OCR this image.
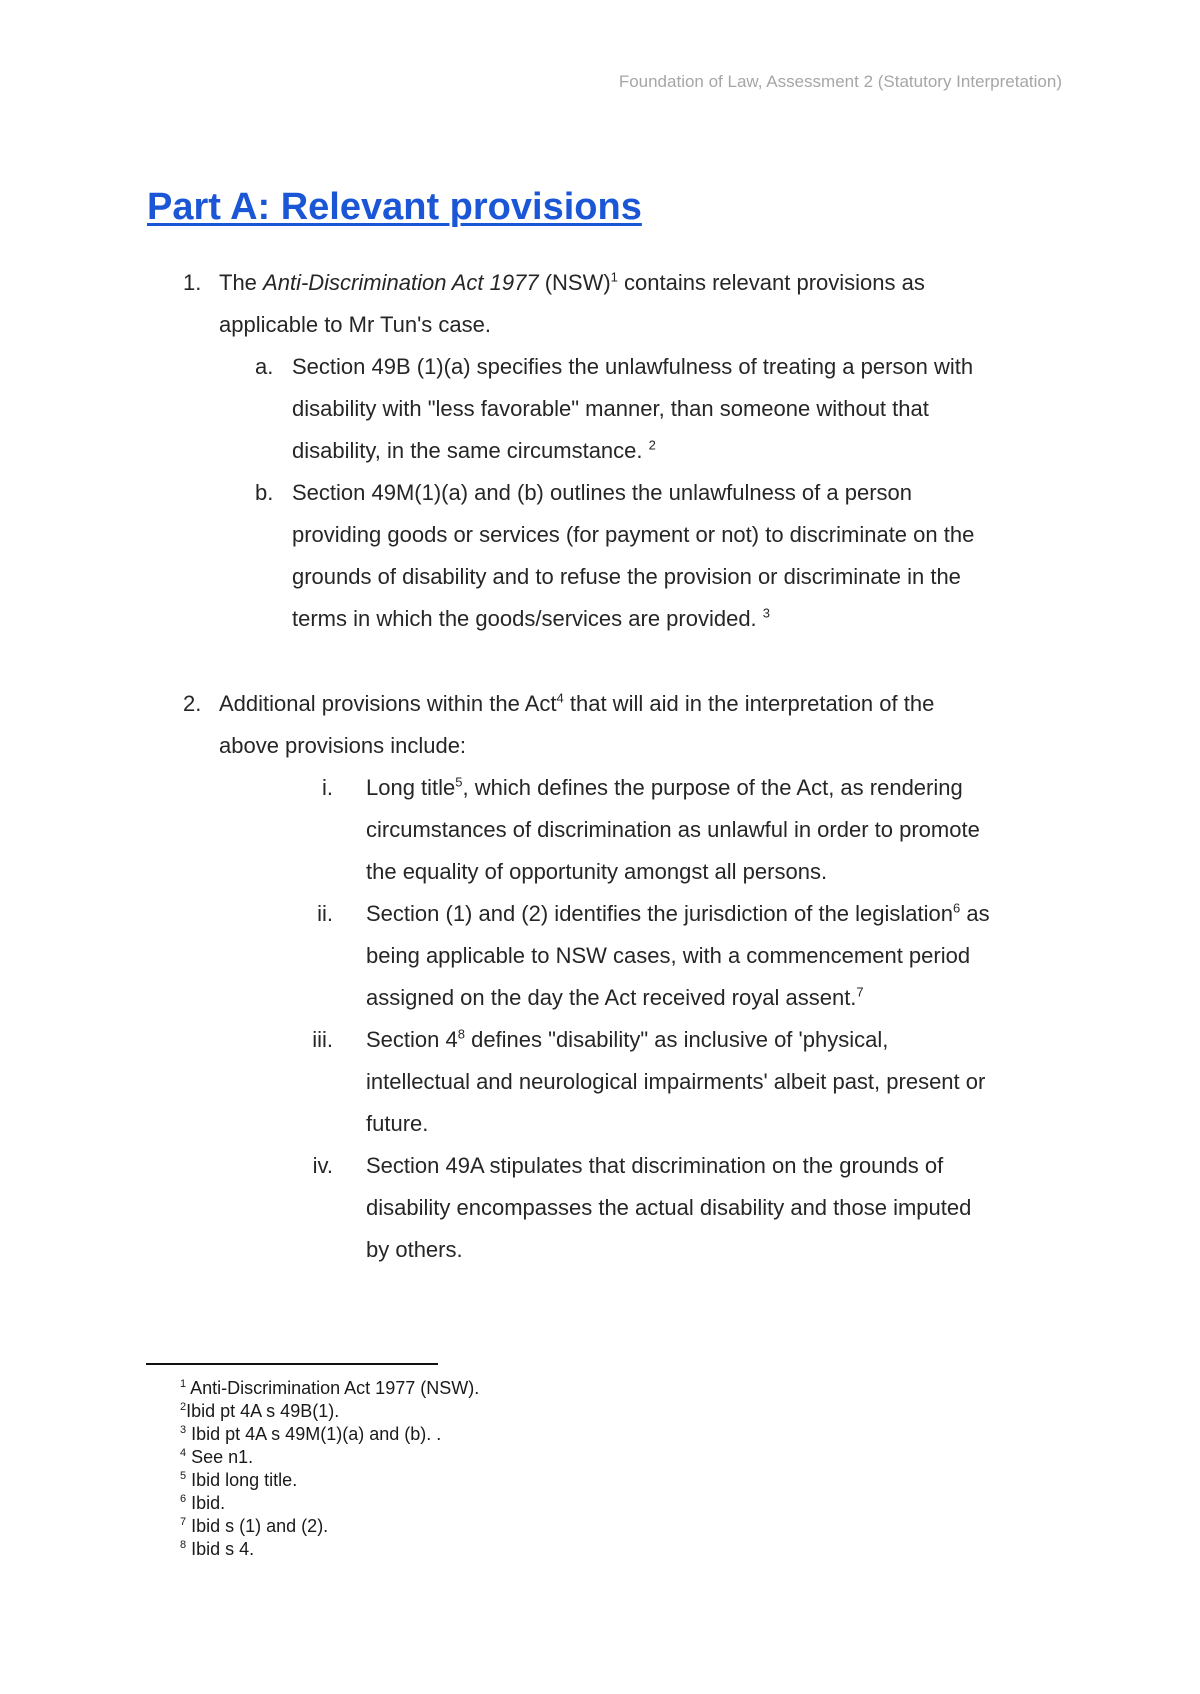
Foundation of Law, Assessment 2 (Statutory Interpretation)
Part A: Relevant provisions
1. The Anti-Discrimination Act 1977 (NSW)$^1$ contains relevant provisions as
applicable to Mr Tun's case.
a. Section 49B (1)(a) specifies the unlawfulness of treating a person with
disability with "less favorable" manner, than someone without that
disability, in the same circumstance. $^2$
b. Section 49M(1)(a) and (b) outlines the unlawfulness of a person
providing goods or services (for payment or not) to discriminate on the
grounds of disability and to refuse the provision or discriminate in the
terms in which the goods/services are provided. $^3$
2. Additional provisions within the Act$^4$ that will aid in the interpretation of the
above provisions include:
i. Long title$^5$, which defines the purpose of the Act, as rendering
circumstances of discrimination as unlawful in order to promote
the equality of opportunity amongst all persons.
ii. Section (1) and (2) identifies the jurisdiction of the legislation$^6$ as
being applicable to NSW cases, with a commencement period
assigned on the day the Act received royal assent.$^7$
iii. Section $4^8$ defines "disability" as inclusive of 'physical,
intellectual and neurological impairments' albeit past, present or
future.
iv. Section 49A stipulates that discrimination on the grounds of
disability encompasses the actual disability and those imputed
by others.
$^1$ Anti-Discrimination Act 1977 (NSW).
$^2$Ibid pt 4A s 49B(1).
$^3$ Ibid pt 4A s 49M(1)(a) and (b). .
$^4$ See n1.
$^5$ Ibid long title.
$^6$ Ibid.
$^7$ Ibid s (1) and (2).
$^8$ Ibid s 4.
